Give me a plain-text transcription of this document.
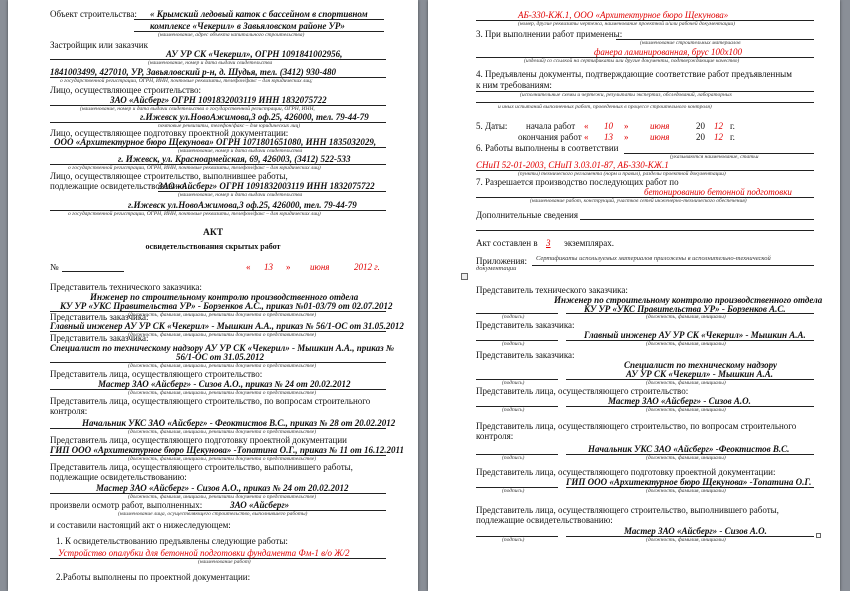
Объект строительства: « Крымский ледовый каток с бассейном в спортивном
комплексе «Чекерил» в Завьяловском районе УР»
(наименование, адрес объекта капитального строительства)
Застройщик или заказчик
АУ УР СК «Чекерил», ОГРН 1091841002956,
(наименование, номер и дата выдачи свидетельства
1841003499, 427010, УР, Завьяловский р-н, д. Шудья, тел. (3412) 930-480
о государственной регистрации, ОГРН, ИНН, почтовые реквизиты, телефон/факс – для юридических лиц;
Лицо, осуществляющее строительство:
ЗАО «Айсберг» ОГРН 1091832003119 ИНН 1832075722
(наименование, номер и дата выдачи свидетельства о государственной регистрации, ОГРН, ИНН,
г.Ижевск ул.НовоАжимова,3 оф.25, 426000, тел. 79-44-79
почтовые реквизиты, телефон/факс – для юридических лиц)
Лицо, осуществляющее подготовку проектной документации:
ООО «Архитектурное бюро Щекунова» ОГРН 1071801651080, ИНН 1835032029,
(наименование, номер и дата выдачи свидетельства
г. Ижевск, ул. Красноармейская, 69, 426003, (3412) 522-533
о государственной регистрации, ОГРН, ИНН, почтовые реквизиты, телефон/факс – для юридических лиц)
Лицо, осуществляющее строительство, выполнившее работы,
подлежащие освидетельствованию:
ЗАО «Айсберг» ОГРН 1091832003119 ИНН 1832075722
(наименование, номер и дата выдачи свидетельства
г.Ижевск ул.НовоАжимова,3 оф.25, 426000, тел. 79-44-79
о государственной регистрации, ОГРН, ИНН, почтовые реквизиты, телефон/факс – для юридических лиц)
АКТ
освидетельствования скрытых работ
№	« 13 » июня	2012 г.
Представитель технического заказчика:
Инженер по строительному контролю производственного отдела
КУ УР «УКС Правительства УР» - Борзенков А.С., приказ №01-03/79 от 02.07.2012
(должность, фамилия, инициалы, реквизиты документа о представительстве)
Представитель заказчика:
Главный инженер АУ УР СК «Чекерил» - Мышкин А.А., приказ № 56/1-ОС от 31.05.2012
(должность, фамилия, инициалы, реквизиты документа о представительстве)
Представитель заказчика:
Специалист по техническому надзору АУ УР СК «Чекерил» - Мышкин А.А., приказ №
56/1-ОС от 31.05.2012
(должность, фамилия, инициалы, реквизиты документа о представительстве)
Представитель лица, осуществляющего строительство:
Мастер ЗАО «Айсберг» - Сизов А.О., приказ № 24 от 20.02.2012
(должность, фамилия, инициалы, реквизиты документа о представительстве)
Представитель лица, осуществляющего строительство, по вопросам строительного
контроля:
Начальник УКС ЗАО «Айсберг» - Феоктистов В.С., приказ № 28 от 20.02.2012
(должность, фамилия, инициалы, реквизиты документа о представительстве)
Представитель лица, осуществляющего подготовку проектной документации
ГИП ООО «Архитектурное бюро Щекунова» -Топатина О.Г., приказ № 11 от 16.12.2011
(должность, фамилия, инициалы, реквизиты документа о представительстве)
Представитель лица, осуществляющего строительство, выполнившего работы,
подлежащие освидетельствованию:
Мастер ЗАО «Айсберг» - Сизов А.О., приказ № 24 от 20.02.2012
(должность, фамилия, инициалы, реквизиты документа о представительстве)
произвели осмотр работ, выполненных:	ЗАО «Айсберг»
(наименование лица, осуществляющего строительство, выполнившего работы)
и составили настоящий акт о нижеследующем:
1. К освидетельствованию предъявлены следующие работы:
Устройство опалубки для бетонной подготовки фундамента Фм-1 в/о Ж/2
(наименование работ)
2.Работы выполнены по проектной документации:
АБ-330-КЖ.1, ООО «Архитектурное бюро Щекунова»
(номер, другие реквизиты чертежа, наименование проектной и/или рабочей документации)
3. При выполнении работ применены:
(наименование строительных материалов
фанера ламинированная, брус 100х100
(изделий) со ссылкой на сертификаты или другие документы, подтверждающие качество)
4. Предъявлены документы, подтверждающие соответствие работ предъявленным
к ним требованиям:
(исполнительные схемы и чертежи, результаты экспертиз, обследований, лабораторных
и иных испытаний выполненных работ, проведенных в процессе строительного контроля)
5. Даты: начала работ « 10 » июня	20 12 г.
окончания работ « 13 » июня	20 12 г.
6. Работы выполнены в соответствии
(указываются наименование, статьи
СНиП 52-01-2003, СНиП 3.03.01-87, АБ-330-КЖ.1
(пункты) технического регламента (норм и правил), разделы проектной документации)
7. Разрешается производство последующих работ по
бетонированию бетонной подготовки
(наименование работ, конструкций, участков сетей инженерно-технического обеспечения)
Дополнительные сведения
Акт составлен в 3 экземплярах.
Приложения: Сертификаты используемых материалов приложены в исполнительно-технической
документации
Представитель технического заказчика:
Инженер по строительному контролю производственного отдела
КУ УР «УКС Правительства УР» - Борзенков А.С.
(подпись)	(должность, фамилия, инициалы)
Представитель заказчика:
Главный инженер АУ УР СК «Чекерил» - Мышкин А.А.
(подпись)	(должность, фамилия, инициалы)
Представитель заказчика:
Специалист по техническому надзору
АУ УР СК «Чекерил» - Мышкин А.А.
(подпись)	(должность, фамилия, инициалы)
Представитель лица, осуществляющего строительство:
Мастер ЗАО «Айсберг» - Сизов А.О.
(подпись)	(должность, фамилия, инициалы)
Представитель лица, осуществляющего строительство, по вопросам строительного
контроля:
Начальник УКС ЗАО «Айсберг» -Феоктистов В.С.
(подпись)	(должность, фамилия, инициалы)
Представитель лица, осуществляющего подготовку проектной документации:
ГИП ООО «Архитектурное бюро Щекунова» -Топатина О.Г.
(подпись)	(должность, фамилия, инициалы)
Представитель лица, осуществляющего строительство, выполнившего работы,
подлежащие освидетельствованию:
Мастер ЗАО «Айсберг» - Сизов А.О.
(подпись)	(должность, фамилия, инициалы)
